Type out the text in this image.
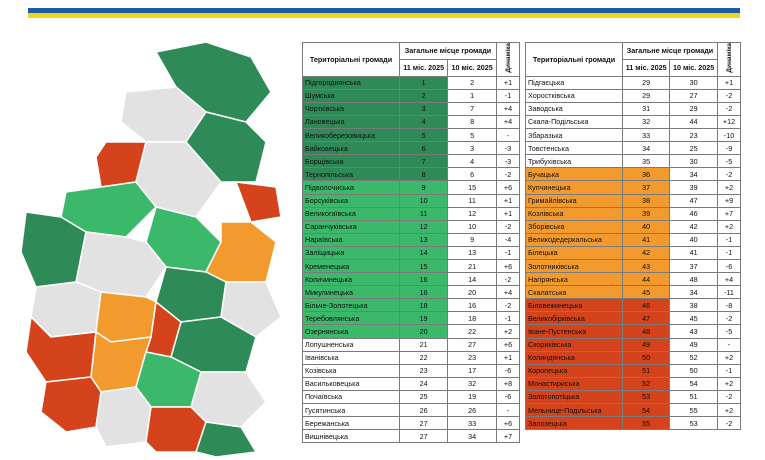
Територіальні громади	Загальне місце громади		Динаміка
	11 міс. 2025	10 міс. 2025	
Підгороднянська	1	2	+1
Шумська	2	1	-1
Чортківська	3	7	+4
Лановецька	4	8	+4
Великоберезовицька	5	5	-
Байковецька	6	3	-3
Борщівська	7	4	-3
Тернопільська	8	6	-2
Підволочиська	9	15	+6
Борсуківська	10	11	+1
Великогаївська	11	12	+1
Саранчуківська	12	10	-2
Нараївська	13	9	-4
Заліщицька	14	13	-1
Кременецька	15	21	+6
Копичинецька	16	14	-2
Микулинецька	16	20	+4
Більче-Золотецька	18	16	-2
Теребовлянська	19	18	-1
Озернянська	20	22	+2
Лопушненська	21	27	+6
Іванівська	22	23	+1
Козівська	23	17	-6
Васильковецька	24	32	+8
Почаївська	25	19	-6
Гусятинська	26	26	-
Бережанська	27	33	+6
Вишнівецька	27	34	+7
Територіальні громади	Загальне місце громади		Динаміка
	11 міс. 2025	10 міс. 2025	
Підгаєцька	29	30	+1
Хоростківська	29	27	-2
Заводська	31	29	-2
Скала-Подільська	32	44	+12
Збаразька	33	23	-10
Товстенська	34	25	-9
Трибухівська	35	30	-5
Бучацька	36	34	-2
Купчинецька	37	39	+2
Гримайлівська	38	47	+9
Козлівська	39	46	+7
Зборівська	40	42	+2
Великодедеркальська	41	40	-1
Білецька	42	41	-1
Золотниківська	43	37	-6
Нагірянська	44	48	+4
Скалатська	45	34	-11
Біловежинецька	46	38	-8
Великобірківська	47	45	-2
Іване-Пустенська	48	43	-5
Скориківська	49	49	-
Колиндянська	50	52	+2
Коропецька	51	50	-1
Монастириська	52	54	+2
Золотопотіцька	53	51	-2
Мельнице-Подільська	54	55	+2
Залозецька	55	53	-2
